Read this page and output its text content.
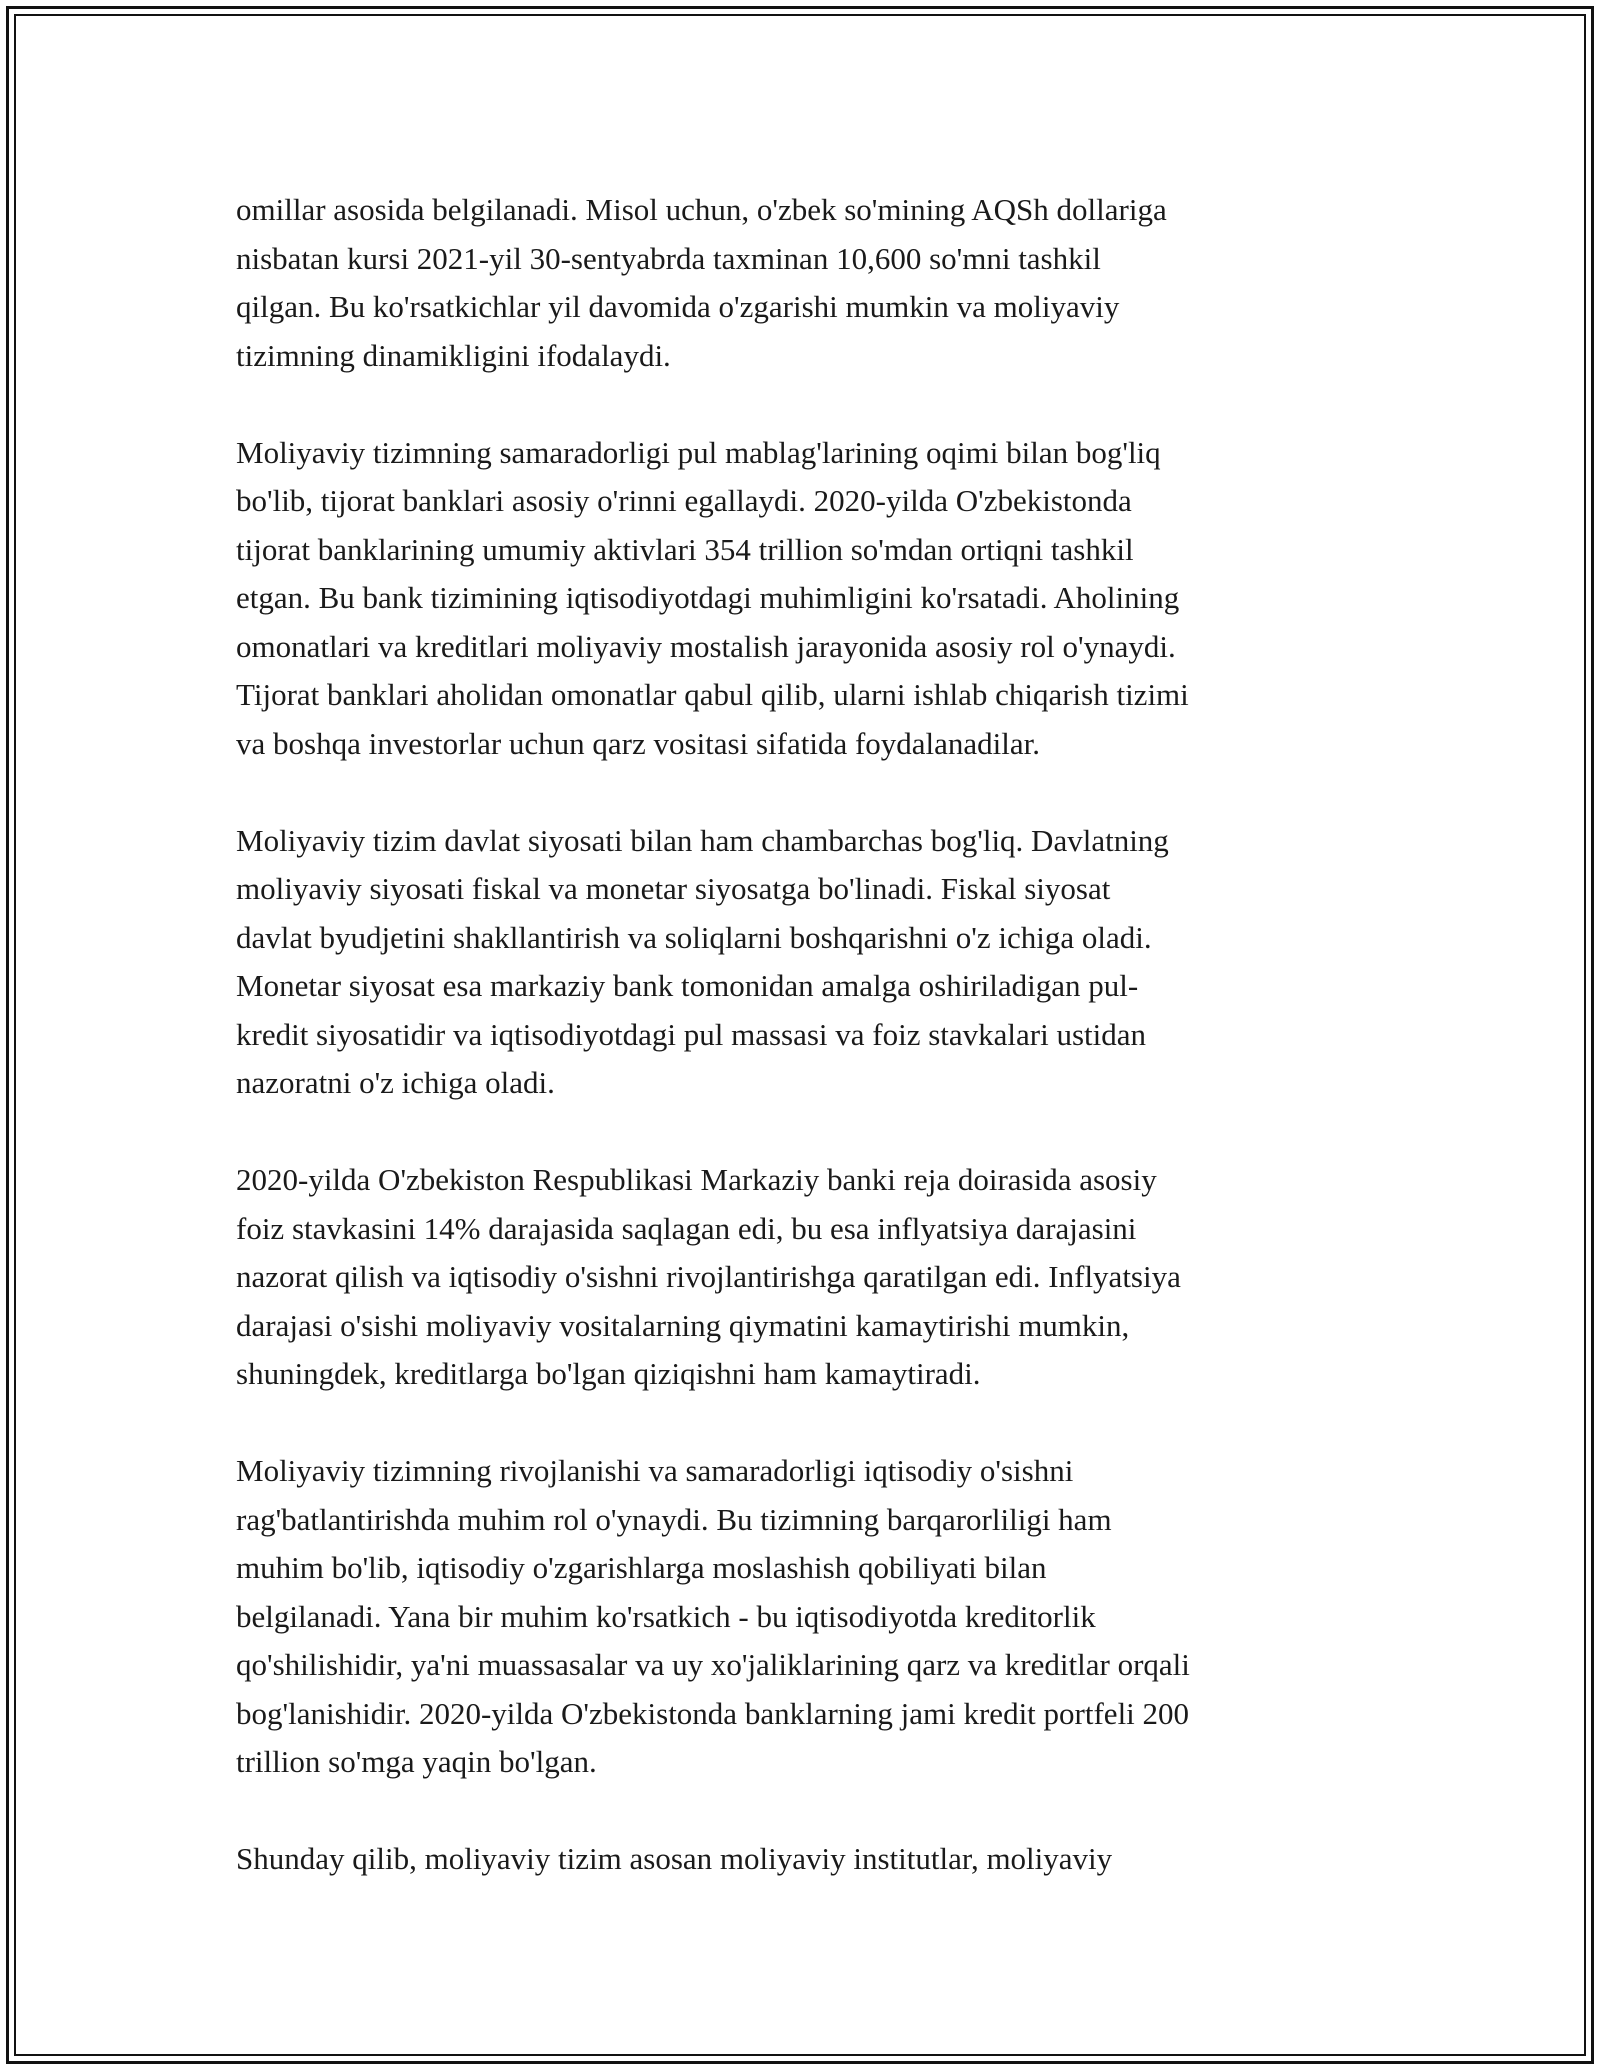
omillar asosida belgilanadi. Misol uchun, o'zbek so'mining AQSh dollariga
nisbatan kursi 2021-yil 30-sentyabrda taxminan 10,600 so'mni tashkil
qilgan. Bu ko'rsatkichlar yil davomida o'zgarishi mumkin va moliyaviy
tizimning dinamikligini ifodalaydi.

Moliyaviy tizimning samaradorligi pul mablag'larining oqimi bilan bog'liq
bo'lib, tijorat banklari asosiy o'rinni egallaydi. 2020-yilda O'zbekistonda
tijorat banklarining umumiy aktivlari 354 trillion so'mdan ortiqni tashkil
etgan. Bu bank tizimining iqtisodiyotdagi muhimligini ko'rsatadi. Aholining
omonatlari va kreditlari moliyaviy mostalish jarayonida asosiy rol o'ynaydi.
Tijorat banklari aholidan omonatlar qabul qilib, ularni ishlab chiqarish tizimi
va boshqa investorlar uchun qarz vositasi sifatida foydalanadilar.

Moliyaviy tizim davlat siyosati bilan ham chambarchas bog'liq. Davlatning
moliyaviy siyosati fiskal va monetar siyosatga bo'linadi. Fiskal siyosat
davlat byudjetini shakllantirish va soliqlarni boshqarishni o'z ichiga oladi.
Monetar siyosat esa markaziy bank tomonidan amalga oshiriladigan pul-
kredit siyosatidir va iqtisodiyotdagi pul massasi va foiz stavkalari ustidan
nazoratni o'z ichiga oladi.

2020-yilda O'zbekiston Respublikasi Markaziy banki reja doirasida asosiy
foiz stavkasini 14% darajasida saqlagan edi, bu esa inflyatsiya darajasini
nazorat qilish va iqtisodiy o'sishni rivojlantirishga qaratilgan edi. Inflyatsiya
darajasi o'sishi moliyaviy vositalarning qiymatini kamaytirishi mumkin,
shuningdek, kreditlarga bo'lgan qiziqishni ham kamaytiradi.

Moliyaviy tizimning rivojlanishi va samaradorligi iqtisodiy o'sishni
rag'batlantirishda muhim rol o'ynaydi. Bu tizimning barqarorliligi ham
muhim bo'lib, iqtisodiy o'zgarishlarga moslashish qobiliyati bilan
belgilanadi. Yana bir muhim ko'rsatkich - bu iqtisodiyotda kreditorlik
qo'shilishidir, ya'ni muassasalar va uy xo'jaliklarining qarz va kreditlar orqali
bog'lanishidir. 2020-yilda O'zbekistonda banklarning jami kredit portfeli 200
trillion so'mga yaqin bo'lgan.

Shunday qilib, moliyaviy tizim asosan moliyaviy institutlar, moliyaviy
